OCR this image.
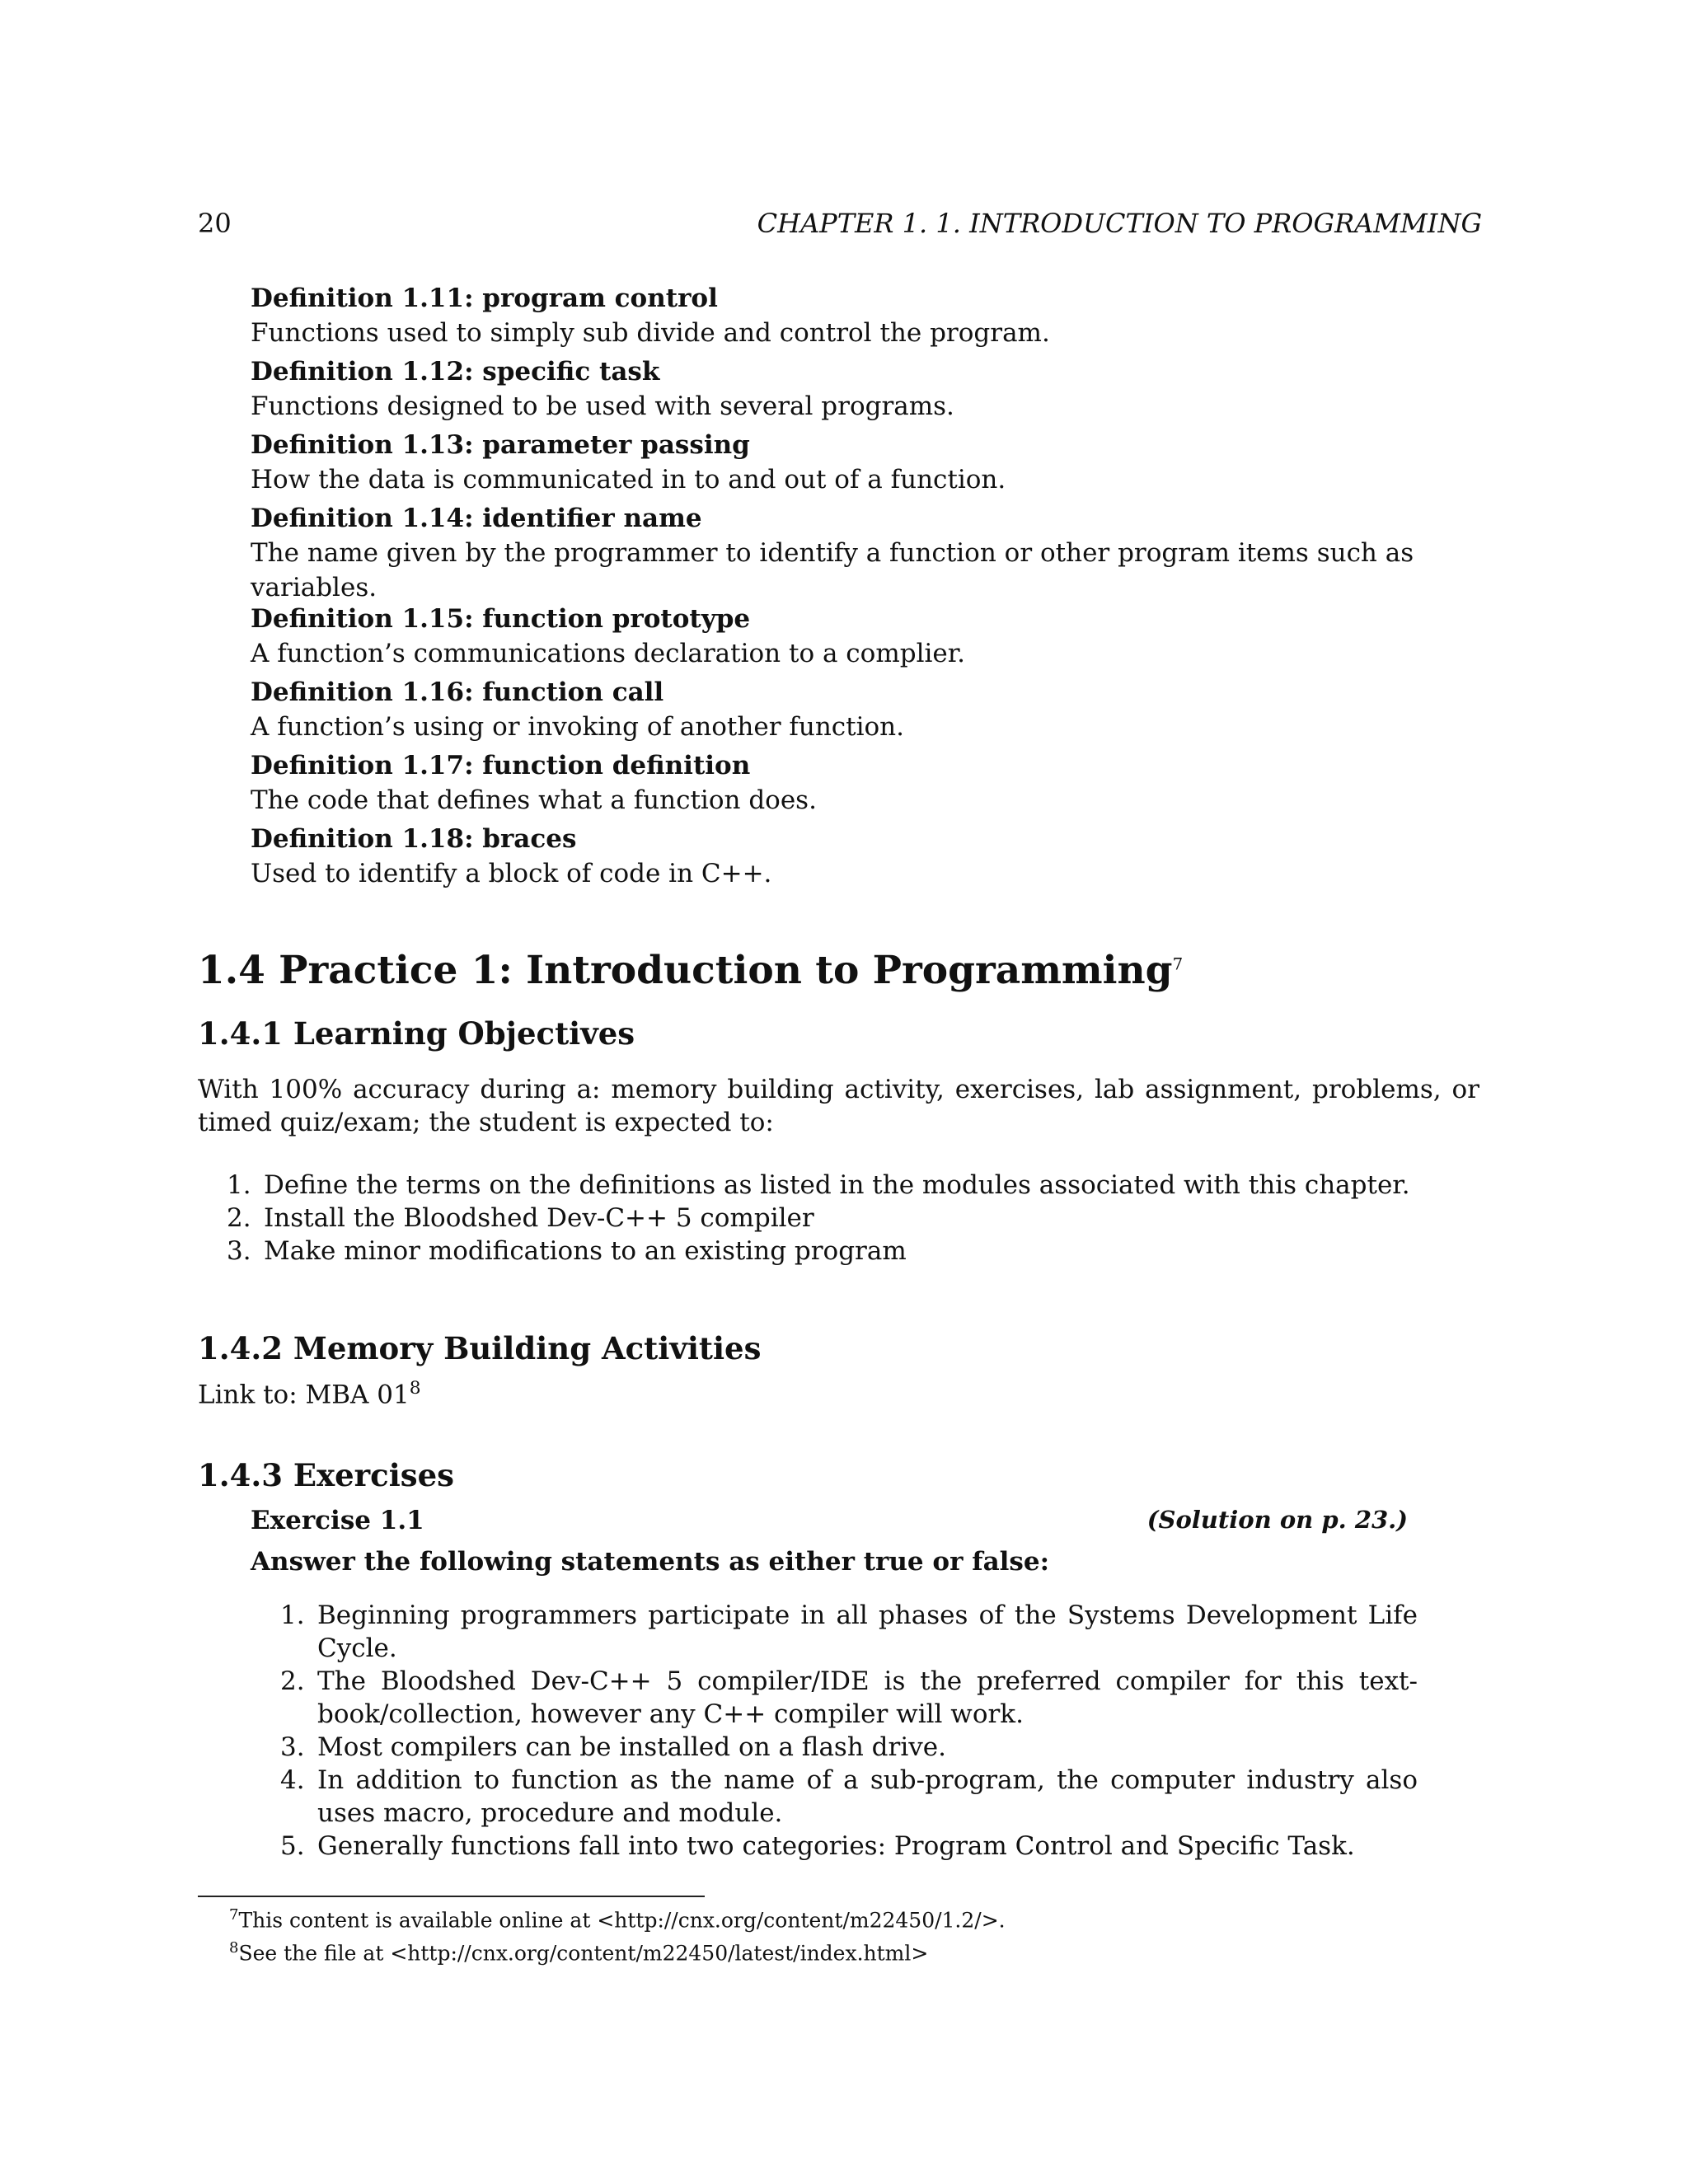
20	CHAPTER 1. 1. INTRODUCTION TO PROGRAMMING
Definition 1.11: program control
Functions used to simply sub divide and control the program.
Definition 1.12: specific task
Functions designed to be used with several programs.
Definition 1.13: parameter passing
How the data is communicated in to and out of a function.
Definition 1.14: identifier name
The name given by the programmer to identify a function or other program items such as variables.
Definition 1.15: function prototype
A function’s communications declaration to a complier.
Definition 1.16: function call
A function’s using or invoking of another function.
Definition 1.17: function definition
The code that defines what a function does.
Definition 1.18: braces
Used to identify a block of code in C++.
1.4 Practice 1: Introduction to Programming$^7$
1.4.1 Learning Objectives
With 100% accuracy during a: memory building activity, exercises, lab assignment, problems, or timed quiz/exam; the student is expected to:
1. Define the terms on the definitions as listed in the modules associated with this chapter.
2. Install the Bloodshed Dev-C++ 5 compiler
3. Make minor modifications to an existing program
1.4.2 Memory Building Activities
Link to: MBA $01^8$
1.4.3 Exercises
Exercise 1.1	(Solution on p. 23.)
Answer the following statements as either true or false:
1. Beginning programmers participate in all phases of the Systems Development Life Cycle.
2. The Bloodshed Dev-C++ 5 compiler/IDE is the preferred compiler for this text-book/collection, however any C++ compiler will work.
3. Most compilers can be installed on a flash drive.
4. In addition to function as the name of a sub-program, the computer industry also uses macro, procedure and module.
5. Generally functions fall into two categories: Program Control and Specific Task.
$^7$This content is available online at <http://cnx.org/content/m22450/1.2/>.
$^8$See the file at <http://cnx.org/content/m22450/latest/index.html>
